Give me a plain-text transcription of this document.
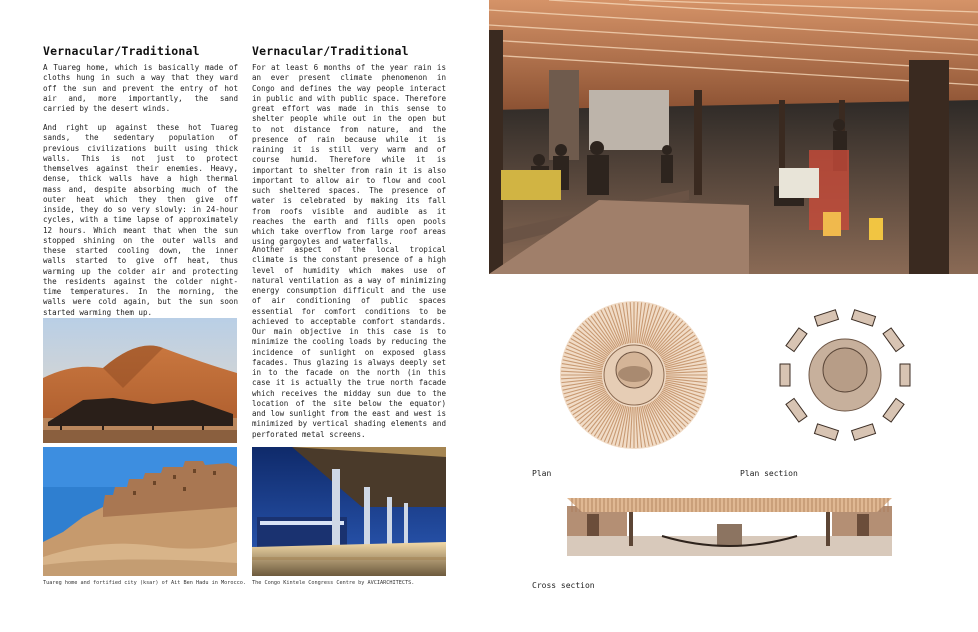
Vernacular/Traditional

A Tuareg home, which is basically made of cloths hung in such a way that they ward off the sun and prevent the entry of hot air and, more importantly, the sand carried by the desert winds.

And right up against these hot Tuareg sands, the sedentary population of previous civilizations built using thick walls. This is not just to protect themselves against their enemies. Heavy, dense, thick walls have a high thermal mass and, despite absorbing much of the outer heat which they then give off inside, they do so very slowly: in 24-hour cycles, with a time lapse of approximately 12 hours. Which meant that when the sun stopped shining on the outer walls and these started cooling down, the inner walls started to give off heat, thus warming up the colder air and protecting the residents against the colder night-time temperatures. In the morning, the walls were cold again, but the sun soon started warming them up.

Tuareg home and fortified city (ksar) of Ait Ben Hadu in Morocco.
Vernacular/Traditional

For at least 6 months of the year rain is an ever present climate phenomenon in Congo and defines the way people interact in public and with public space. Therefore great effort was made in this sense to shelter people while out in the open but to not distance from nature, and the presence of rain because while it is raining it is still very warm and of course humid. Therefore while it is important to shelter from rain it is also important to allow air to flow and cool such sheltered spaces. The presence of water is celebrated by making its fall from roofs visible and audible as it reaches the earth and fills open pools which take overflow from large roof areas using gargoyles and waterfalls.

Another aspect of the local tropical climate is the constant presence of a high level of humidity which makes use of natural ventilation as a way of minimizing energy consumption difficult and the use of air conditioning of public spaces essential for comfort conditions to be achieved to acceptable comfort standards. Our main objective in this case is to minimize the cooling loads by reducing the incidence of sunlight on exposed glass facades. Thus glazing is always deeply set in to the facade on the north (in this case it is actually the true north facade which receives the midday sun due to the location of the site below the equator) and low sunlight from the east and west is minimized by vertical shading elements and perforated metal screens.

The Congo Kintele Congress Centre by AVCIARCHITECTS.
Plan	Plan section
Cross section
